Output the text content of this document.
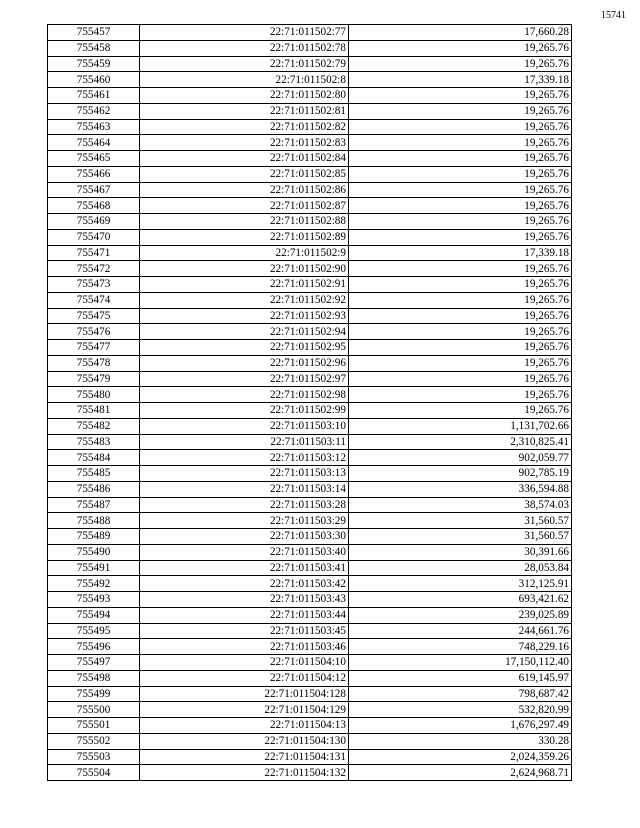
15741
755457	22:71:011502:77	17,660.28
755458	22:71:011502:78	19,265.76
755459	22:71:011502:79	19,265.76
755460	22:71:011502:8	17,339.18
755461	22:71:011502:80	19,265.76
755462	22:71:011502:81	19,265.76
755463	22:71:011502:82	19,265.76
755464	22:71:011502:83	19,265.76
755465	22:71:011502:84	19,265.76
755466	22:71:011502:85	19,265.76
755467	22:71:011502:86	19,265.76
755468	22:71:011502:87	19,265.76
755469	22:71:011502:88	19,265.76
755470	22:71:011502:89	19,265.76
755471	22:71:011502:9	17,339.18
755472	22:71:011502:90	19,265.76
755473	22:71:011502:91	19,265.76
755474	22:71:011502:92	19,265.76
755475	22:71:011502:93	19,265.76
755476	22:71:011502:94	19,265.76
755477	22:71:011502:95	19,265.76
755478	22:71:011502:96	19,265.76
755479	22:71:011502:97	19,265.76
755480	22:71:011502:98	19,265.76
755481	22:71:011502:99	19,265.76
755482	22:71:011503:10	1,131,702.66
755483	22:71:011503:11	2,310,825.41
755484	22:71:011503:12	902,059.77
755485	22:71:011503:13	902,785.19
755486	22:71:011503:14	336,594.88
755487	22:71:011503:28	38,574.03
755488	22:71:011503:29	31,560.57
755489	22:71:011503:30	31,560.57
755490	22:71:011503:40	30,391.66
755491	22:71:011503:41	28,053.84
755492	22:71:011503:42	312,125.91
755493	22:71:011503:43	693,421.62
755494	22:71:011503:44	239,025.89
755495	22:71:011503:45	244,661.76
755496	22:71:011503:46	748,229.16
755497	22:71:011504:10	17,150,112.40
755498	22:71:011504:12	619,145.97
755499	22:71:011504:128	798,687.42
755500	22:71:011504:129	532,820.99
755501	22:71:011504:13	1,676,297.49
755502	22:71:011504:130	330.28
755503	22:71:011504:131	2,024,359.26
755504	22:71:011504:132	2,624,968.71
